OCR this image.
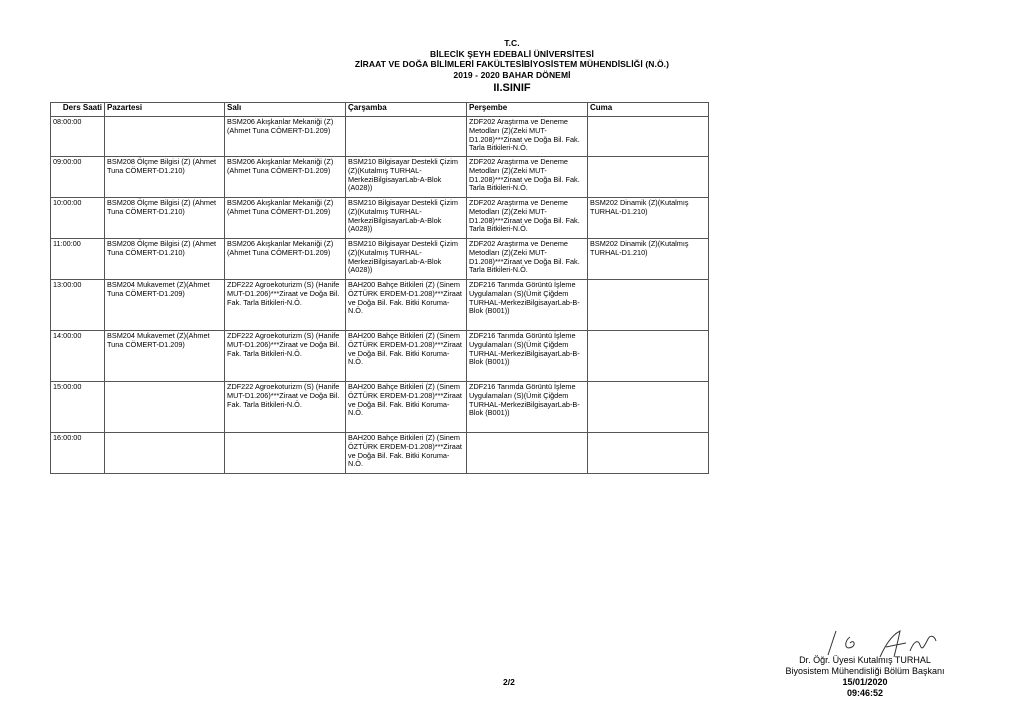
T.C.
BİLECİK ŞEYH EDEBALİ ÜNİVERSİTESİ
ZİRAAT VE DOĞA BİLİMLERİ FAKÜLTESİBİYOSİSTEM MÜHENDİSLİĞİ (N.Ö.)
2019 - 2020 BAHAR DÖNEMİ
II.SINIF
Ders Saati	Pazartesi	Salı	Çarşamba	Perşembe	Cuma
08:00:00		BSM206 Akışkanlar Mekaniği (Z)(Ahmet Tuna CÖMERT-D1.209)		ZDF202 Araştırma ve Deneme Metodları (Z)(Zeki MUT-D1.208)***Ziraat ve Doğa Bil. Fak. Tarla Bitkileri-N.Ö.	
09:00:00	BSM208 Ölçme Bilgisi (Z) (Ahmet Tuna CÖMERT-D1.210)	BSM206 Akışkanlar Mekaniği (Z)(Ahmet Tuna CÖMERT-D1.209)	BSM210 Bilgisayar Destekli Çizim (Z)(Kutalmış TURHAL-MerkeziBilgisayarLab-A-Blok (A028))	ZDF202 Araştırma ve Deneme Metodları (Z)(Zeki MUT-D1.208)***Ziraat ve Doğa Bil. Fak. Tarla Bitkileri-N.Ö.	
10:00:00	BSM208 Ölçme Bilgisi (Z) (Ahmet Tuna CÖMERT-D1.210)	BSM206 Akışkanlar Mekaniği (Z)(Ahmet Tuna CÖMERT-D1.209)	BSM210 Bilgisayar Destekli Çizim (Z)(Kutalmış TURHAL-MerkeziBilgisayarLab-A-Blok (A028))	ZDF202 Araştırma ve Deneme Metodları (Z)(Zeki MUT-D1.208)***Ziraat ve Doğa Bil. Fak. Tarla Bitkileri-N.Ö.	BSM202 Dinamik (Z)(Kutalmış TURHAL-D1.210)
11:00:00	BSM208 Ölçme Bilgisi (Z) (Ahmet Tuna CÖMERT-D1.210)	BSM206 Akışkanlar Mekaniği (Z)(Ahmet Tuna CÖMERT-D1.209)	BSM210 Bilgisayar Destekli Çizim (Z)(Kutalmış TURHAL-MerkeziBilgisayarLab-A-Blok (A028))	ZDF202 Araştırma ve Deneme Metodları (Z)(Zeki MUT-D1.208)***Ziraat ve Doğa Bil. Fak. Tarla Bitkileri-N.Ö.	BSM202 Dinamik (Z)(Kutalmış TURHAL-D1.210)
13:00:00	BSM204 Mukavemet (Z)(Ahmet Tuna CÖMERT-D1.209)	ZDF222 Agroekoturizm (S) (Hanife MUT-D1.206)***Ziraat ve Doğa Bil. Fak. Tarla Bitkileri-N.Ö.	BAH200 Bahçe Bitkileri (Z) (Sinem ÖZTÜRK ERDEM-D1.208)***Ziraat ve Doğa Bil. Fak. Bitki Koruma-N.Ö.	ZDF216 Tarımda Görüntü İşleme Uygulamaları (S)(Ümit Çiğdem TURHAL-MerkeziBilgisayarLab-B-Blok (B001))	
14:00:00	BSM204 Mukavemet (Z)(Ahmet Tuna CÖMERT-D1.209)	ZDF222 Agroekoturizm (S) (Hanife MUT-D1.206)***Ziraat ve Doğa Bil. Fak. Tarla Bitkileri-N.Ö.	BAH200 Bahçe Bitkileri (Z) (Sinem ÖZTÜRK ERDEM-D1.208)***Ziraat ve Doğa Bil. Fak. Bitki Koruma-N.Ö.	ZDF216 Tarımda Görüntü İşleme Uygulamaları (S)(Ümit Çiğdem TURHAL-MerkeziBilgisayarLab-B-Blok (B001))	
15:00:00		ZDF222 Agroekoturizm (S) (Hanife MUT-D1.206)***Ziraat ve Doğa Bil. Fak. Tarla Bitkileri-N.Ö.	BAH200 Bahçe Bitkileri (Z) (Sinem ÖZTÜRK ERDEM-D1.208)***Ziraat ve Doğa Bil. Fak. Bitki Koruma-N.Ö.	ZDF216 Tarımda Görüntü İşleme Uygulamaları (S)(Ümit Çiğdem TURHAL-MerkeziBilgisayarLab-B-Blok (B001))	
16:00:00			BAH200 Bahçe Bitkileri (Z) (Sinem ÖZTÜRK ERDEM-D1.208)***Ziraat ve Doğa Bil. Fak. Bitki Koruma-N.Ö.		
2/2
Dr. Öğr. Üyesi Kutalmış TURHAL
Biyosistem Mühendisliği Bölüm Başkanı
15/01/2020
09:46:52
